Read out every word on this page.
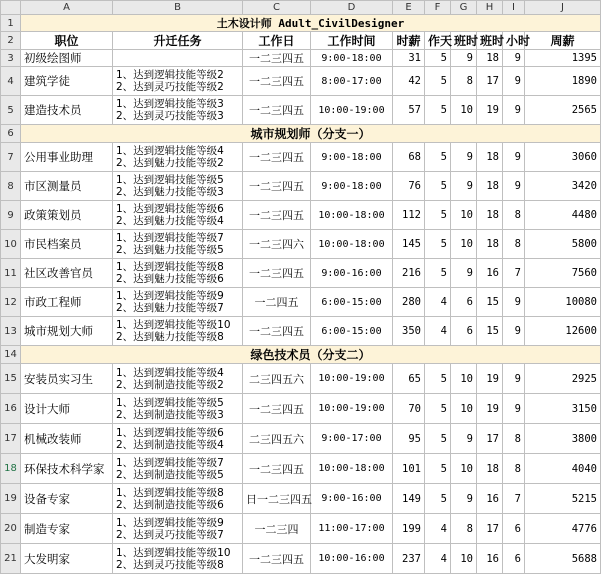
	A	B	C	D	E	F	G	H	I	J
1	土木设计师 Adult_CivilDesigner									
2	职位	升迁任务	工作日	工作时间	时薪	作天	班时	班时	小时	周薪
3	初级绘图师		一二三四五	9:00-18:00	31	5	9	18	9	1395
4	建筑学徒	1、达到逻辑技能等级2
2、达到灵巧技能等级2	一二三四五	8:00-17:00	42	5	8	17	9	1890
5	建造技术员	1、达到逻辑技能等级3
2、达到灵巧技能等级3	一二三四五	10:00-19:00	57	5	10	19	9	2565
6	城市规划师（分支一）									
7	公用事业助理	1、达到逻辑技能等级4
2、达到魅力技能等级2	一二三四五	9:00-18:00	68	5	9	18	9	3060
8	市区测量员	1、达到逻辑技能等级5
2、达到魅力技能等级3	一二三四五	9:00-18:00	76	5	9	18	9	3420
9	政策策划员	1、达到逻辑技能等级6
2、达到魅力技能等级4	一二三四五	10:00-18:00	112	5	10	18	8	4480
10	市民档案员	1、达到逻辑技能等级7
2、达到魅力技能等级5	一二三四六	10:00-18:00	145	5	10	18	8	5800
11	社区改善官员	1、达到逻辑技能等级8
2、达到魅力技能等级6	一二三四五	9:00-16:00	216	5	9	16	7	7560
12	市政工程师	1、达到逻辑技能等级9
2、达到魅力技能等级7	一二四五	6:00-15:00	280	4	6	15	9	10080
13	城市规划大师	1、达到逻辑技能等级10
2、达到魅力技能等级8	一二三四五	6:00-15:00	350	4	6	15	9	12600
14	绿色技术员（分支二）									
15	安装员实习生	1、达到逻辑技能等级4
2、达到制造技能等级2	二三四五六	10:00-19:00	65	5	10	19	9	2925
16	设计大师	1、达到逻辑技能等级5
2、达到制造技能等级3	一二三四五	10:00-19:00	70	5	10	19	9	3150
17	机械改装师	1、达到逻辑技能等级6
2、达到制造技能等级4	二三四五六	9:00-17:00	95	5	9	17	8	3800
18	环保技术科学家	1、达到逻辑技能等级7
2、达到制造技能等级5	一二三四五	10:00-18:00	101	5	10	18	8	4040
19	设备专家	1、达到逻辑技能等级8
2、达到制造技能等级6	日一二三四五	9:00-16:00	149	5	9	16	7	5215
20	制造专家	1、达到逻辑技能等级9
2、达到灵巧技能等级7	一二三四	11:00-17:00	199	4	8	17	6	4776
21	大发明家	1、达到逻辑技能等级10
2、达到灵巧技能等级8	一二三四五	10:00-16:00	237	4	10	16	6	5688
